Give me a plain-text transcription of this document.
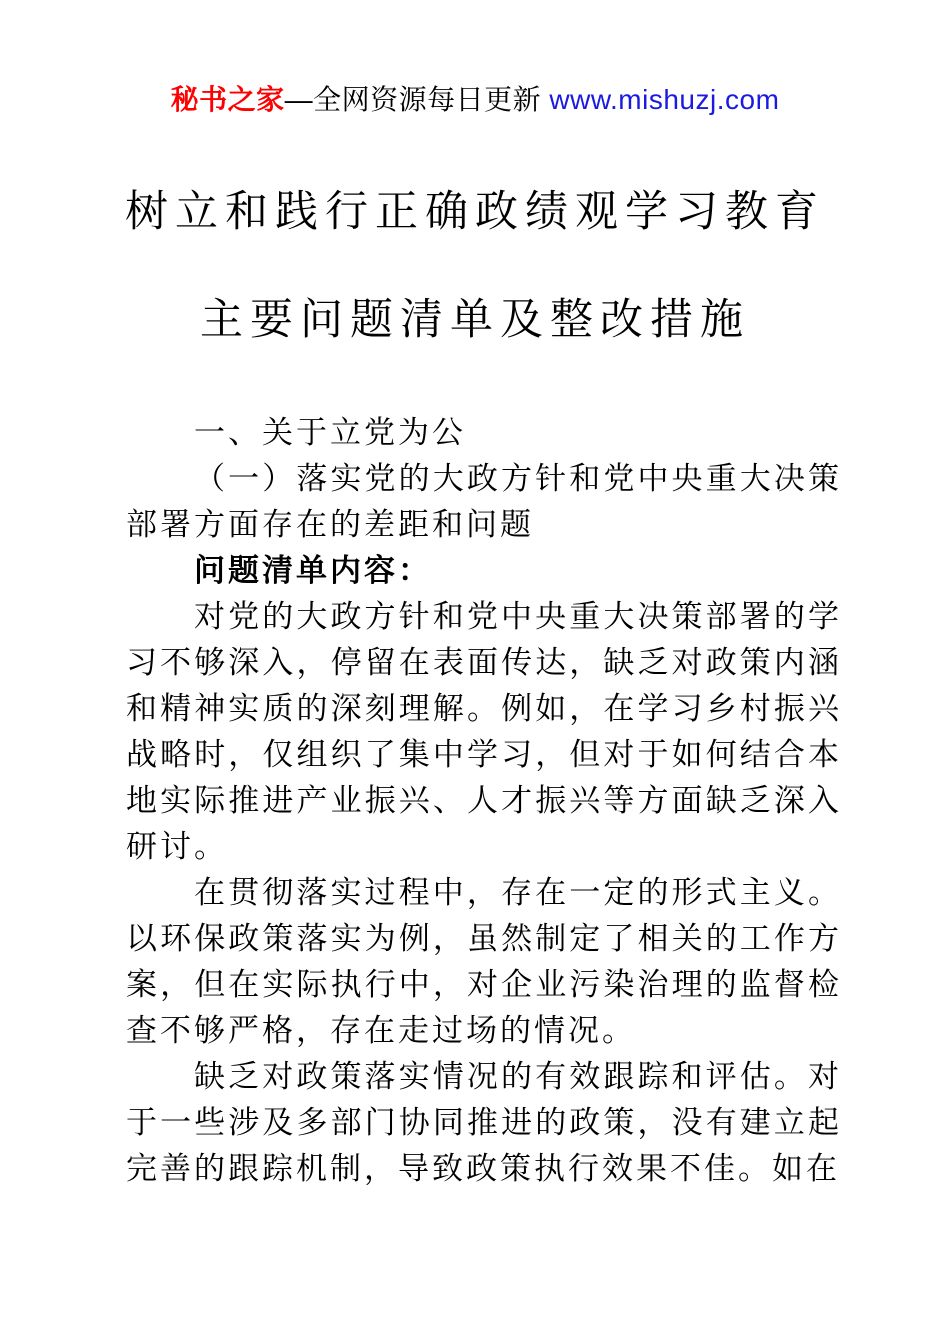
秘书之家—全网资源每日更新 www.mishuzj.com
树立和践行正确政绩观学习教育
主要问题清单及整改措施

一、关于立党为公

（一）落实党的大政方针和党中央重大决策部署方面存在的差距和问题

问题清单内容：

对党的大政方针和党中央重大决策部署的学习不够深入，停留在表面传达，缺乏对政策内涵和精神实质的深刻理解。例如，在学习乡村振兴战略时，仅组织了集中学习，但对于如何结合本地实际推进产业振兴、人才振兴等方面缺乏深入研讨。

在贯彻落实过程中，存在一定的形式主义。以环保政策落实为例，虽然制定了相关的工作方案，但在实际执行中，对企业污染治理的监督检查不够严格，存在走过场的情况。

缺乏对政策落实情况的有效跟踪和评估。对于一些涉及多部门协同推进的政策，没有建立起完善的跟踪机制，导致政策执行效果不佳。如在
